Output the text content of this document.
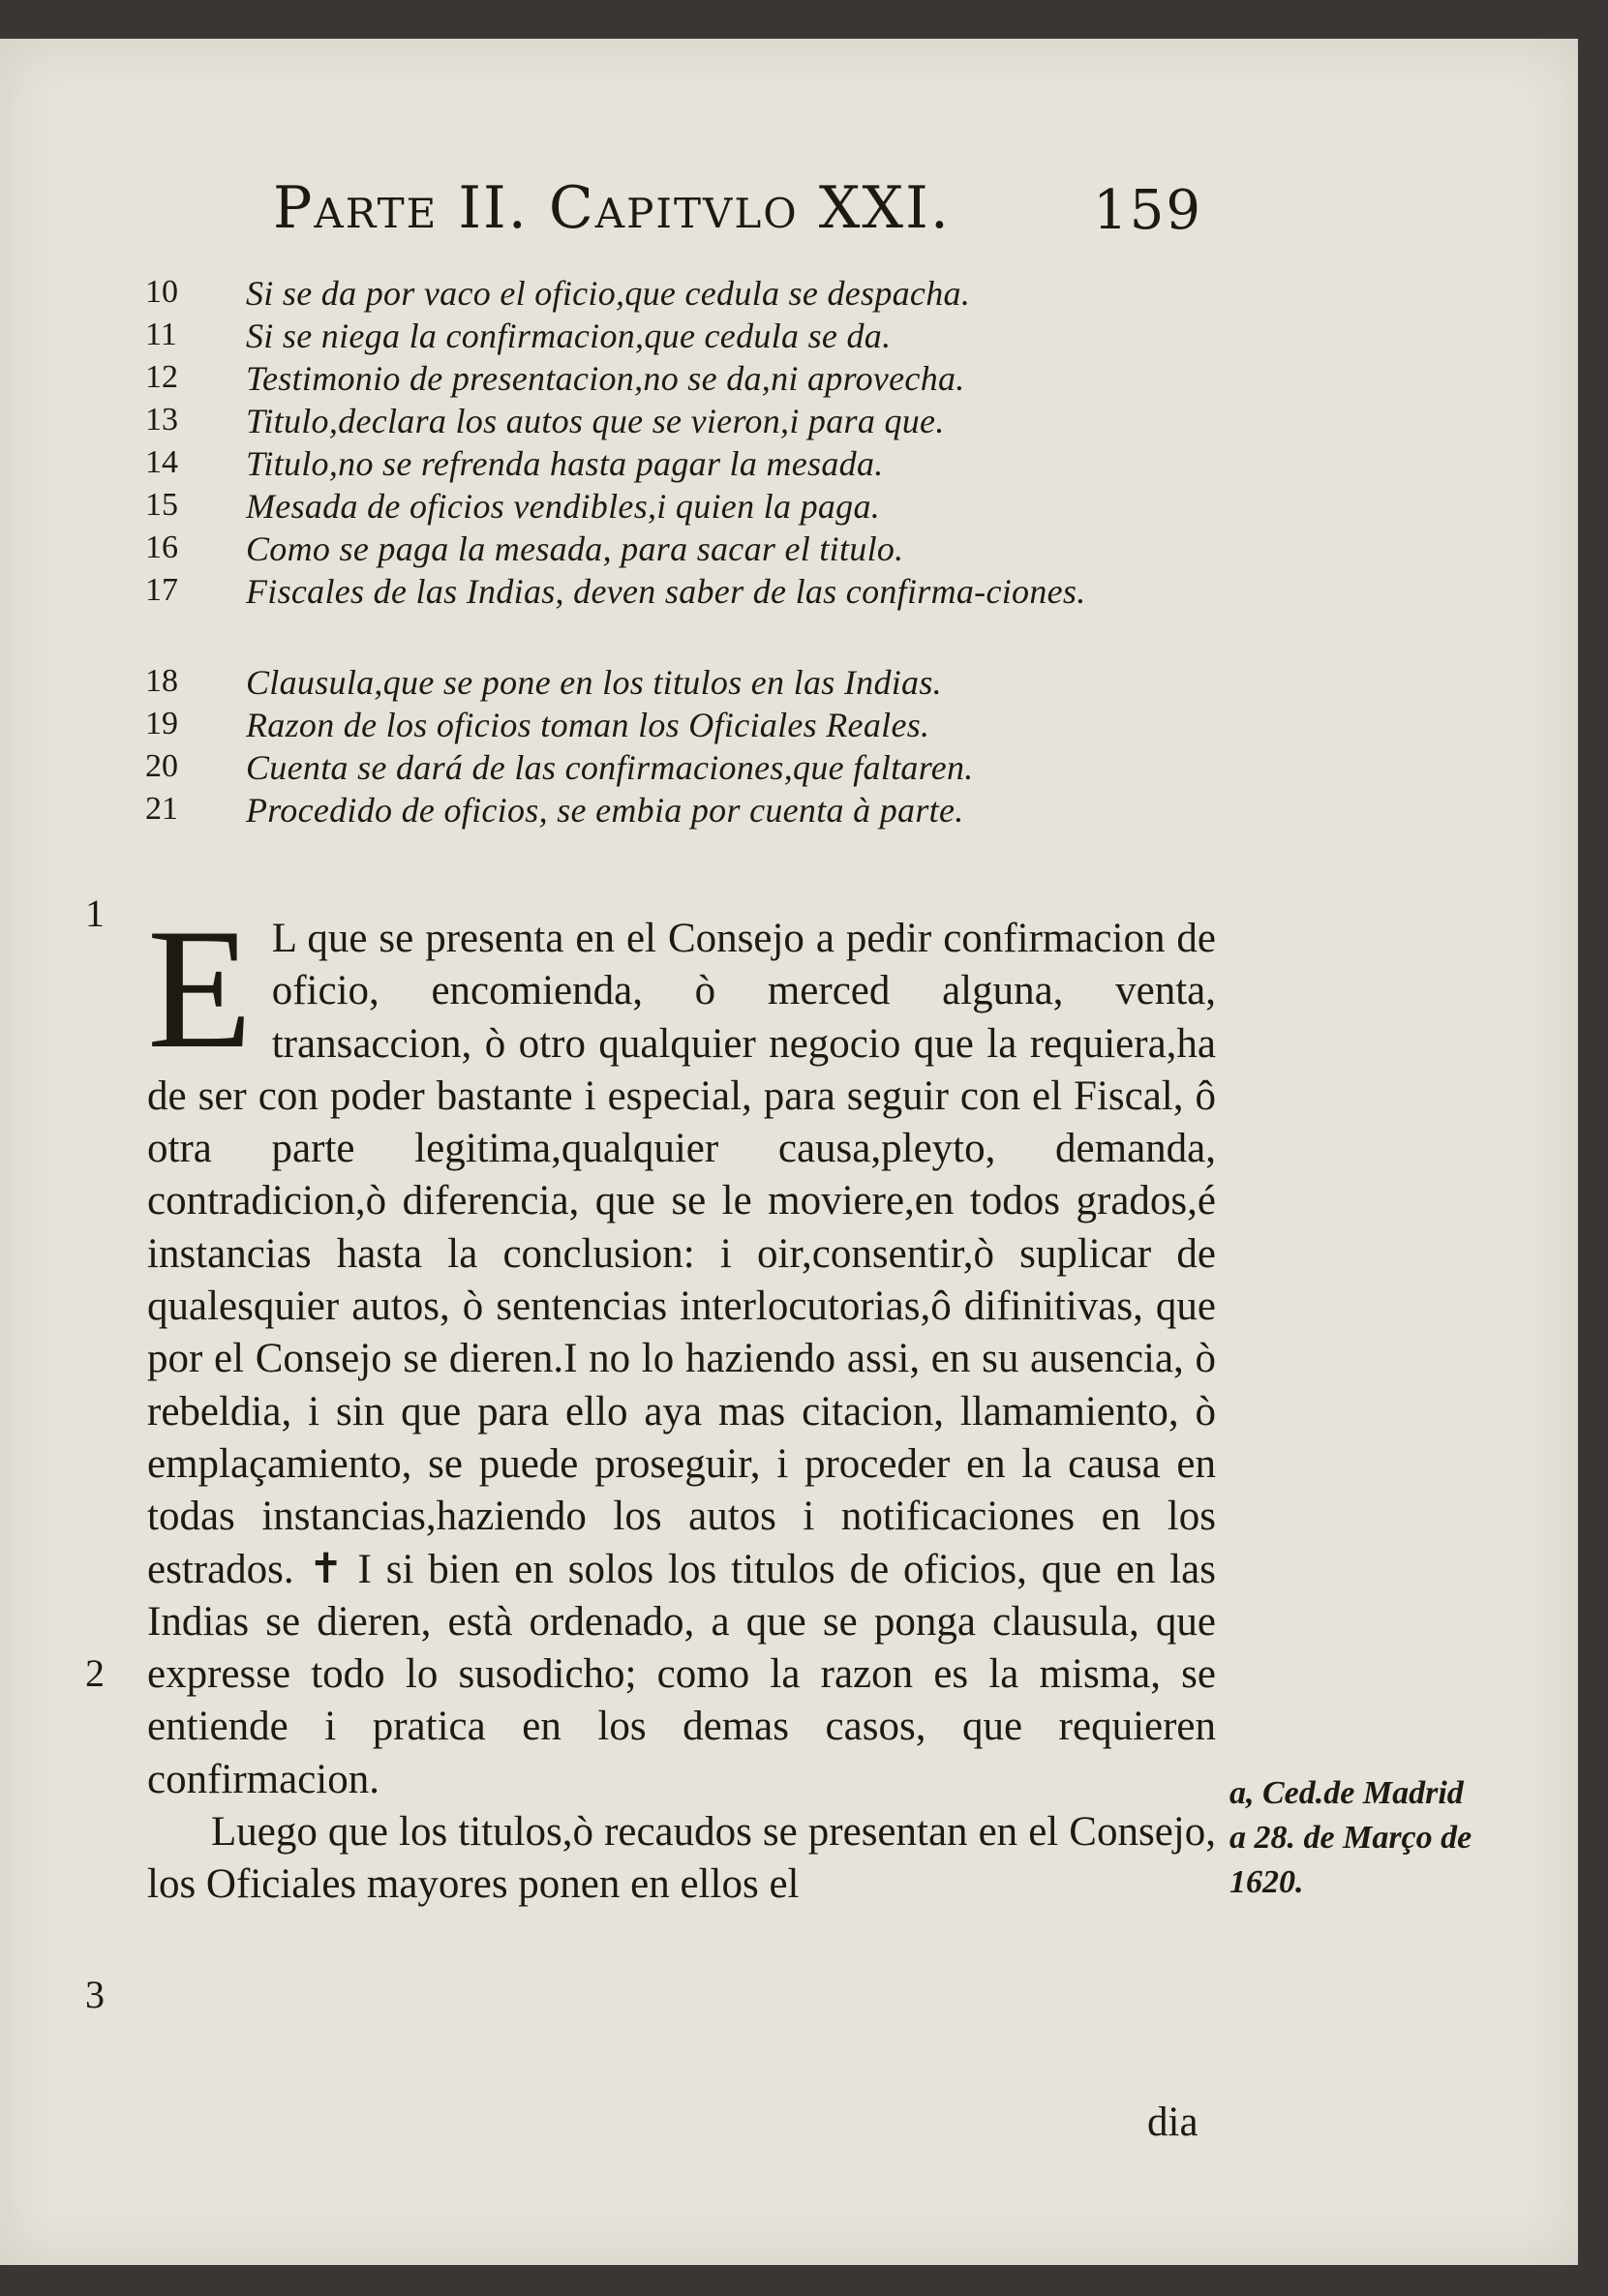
Parte II. Capitvlo XXI.	159
10	Si se da por vaco el oficio,que cedula se despacha.
11	Si se niega la confirmacion,que cedula se da.
12	Testimonio de presentacion,no se da,ni aprovecha.
13	Titulo,declara los autos que se vieron,i para que.
14	Titulo,no se refrenda hasta pagar la mesada.
15	Mesada de oficios vendibles,i quien la paga.
16	Como se paga la mesada, para sacar el titulo.
17	Fiscales de las Indias, deven saber de las confirma-ciones.
18	Clausula,que se pone en los titulos en las Indias.
19	Razon de los oficios toman los Oficiales Reales.
20	Cuenta se dará de las confirmaciones,que faltaren.
21	Procedido de oficios, se embia por cuenta à parte.
1
2
3

E L que se presenta en el Consejo a pedir confirmacion de oficio, encomienda, ò merced alguna, venta, transaccion, ò otro qualquier negocio que la requiera,ha de ser con poder bastante i especial, para seguir con el Fiscal, ô otra parte legitima,qualquier causa,pleyto, demanda, contradicion,ò diferencia, que se le moviere,en todos grados,é instancias hasta la conclusion: i oir,consentir,ò suplicar de qualesquier autos, ò sentencias interlocutorias,ô difinitivas, que por el Consejo se dieren.I no lo haziendo assi, en su ausencia, ò rebeldia, i sin que para ello aya mas citacion, llamamiento, ò emplaçamiento, se puede proseguir, i proceder en la causa en todas instancias,haziendo los autos i notificaciones en los estrados. ✝ I si bien en solos los titulos de oficios, que en las Indias se dieren, està ordenado, a que se ponga clausula, que expresse todo lo susodicho; como la razon es la misma, se entiende i pratica en los demas casos, que requieren confirmacion.

Luego que los titulos,ò recaudos se presentan en el Consejo, los Oficiales mayores ponen en ellos el

dia
a, Ced.de Madrid a 28. de Março de 1620.
